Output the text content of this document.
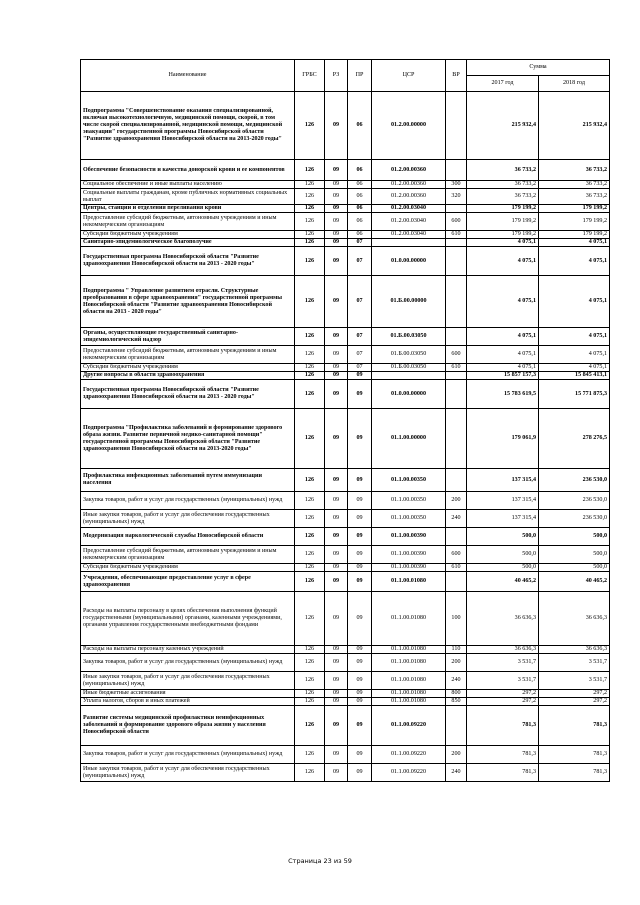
Наименование	ГРБС	РЗ	ПР	ЦСР	ВР	Сумма	
						2017 год	2018 год
Подпрограмма "Совершенствование оказания специализированной, включая высокотехнологичную, медицинской помощи, скорой, в том числе скорой специализированной, медицинской помощи, медицинской эвакуации" государственной программы Новосибирской области "Развитие здравоохранения Новосибирской области на 2013-2020 годы"	126	09	06	01.2.00.00000		215 932,4	215 932,4
Обеспечение безопасности и качества донорской крови и ее компонентов	126	09	06	01.2.00.00360		36 733,2	36 733,2
Социальное обеспечение и иные выплаты населению	126	09	06	01.2.00.00360	300	36 733,2	36 733,2
Социальные выплаты гражданам, кроме публичных нормативных социальных выплат	126	09	06	01.2.00.00360	320	36 733,2	36 733,2
Центры, станции и отделения переливания крови	126	09	06	01.2.00.03040		179 199,2	179 199,2
Предоставление субсидий бюджетным, автономным учреждениям и иным некоммерческим организациям	126	09	06	01.2.00.03040	600	179 199,2	179 199,2
Субсидии бюджетным учреждениям	126	09	06	01.2.00.03040	610	179 199,2	179 199,2
Санитарно-эпидемиологическое благополучие	126	09	07			4 075,1	4 075,1
Государственная программа Новосибирской области "Развитие здравоохранения Новосибирской области на 2013 - 2020 годы"	126	09	07	01.0.00.00000		4 075,1	4 075,1
Подпрограмма " Управление развитием отрасли. Структурные преобразования в сфере здравоохранения" государственной программы Новосибирской области "Развитие здравоохранения Новосибирской области на 2013 - 2020 годы"	126	09	07	01.Б.00.00000		4 075,1	4 075,1
Органы, осуществляющие государственный санитарно-эпидемиологический надзор	126	09	07	01.Б.00.03050		4 075,1	4 075,1
Предоставление субсидий бюджетным, автономным учреждениям и иным некоммерческим организациям	126	09	07	01.Б.00.03050	600	4 075,1	4 075,1
Субсидии бюджетным учреждениям	126	09	07	01.Б.00.03050	610	4 075,1	4 075,1
Другие вопросы в области здравоохранения	126	09	09			15 857 157,3	15 845 413,1
Государственная программа Новосибирской области "Развитие здравоохранения Новосибирской области на 2013 - 2020 годы"	126	09	09	01.0.00.00000		15 783 619,5	15 771 875,3
Подпрограмма "Профилактика заболеваний и формирование здорового образа жизни. Развитие первичной медико-санитарной помощи" государственной программы Новосибирской области "Развитие здравоохранения Новосибирской области на 2013-2020 годы"	126	09	09	01.1.00.00000		179 061,9	278 276,5
Профилактика инфекционных заболеваний путем иммунизации населения	126	09	09	01.1.00.00350		137 315,4	236 530,0
Закупка товаров, работ и услуг для государственных (муниципальных) нужд	126	09	09	01.1.00.00350	200	137 315,4	236 530,0
Иные закупки товаров, работ и услуг для обеспечения государственных (муниципальных) нужд	126	09	09	01.1.00.00350	240	137 315,4	236 530,0
Модернизация наркологической службы Новосибирской области	126	09	09	01.1.00.00390		500,0	500,0
Предоставление субсидий бюджетным, автономным учреждениям и иным некоммерческим организациям	126	09	09	01.1.00.00390	600	500,0	500,0
Субсидии бюджетным учреждениям	126	09	09	01.1.00.00390	610	500,0	500,0
Учреждения, обеспечивающие предоставление услуг в сфере здравоохранения	126	09	09	01.1.00.01080		40 465,2	40 465,2
Расходы на выплаты персоналу в целях обеспечения выполнения функций государственными (муниципальными) органами, казенными учреждениями, органами управления государственными внебюджетными фондами	126	09	09	01.1.00.01080	100	36 636,3	36 636,3
Расходы на выплаты персоналу казенных учреждений	126	09	09	01.1.00.01080	110	36 636,3	36 636,3
Закупка товаров, работ и услуг для государственных (муниципальных) нужд	126	09	09	01.1.00.01080	200	3 531,7	3 531,7
Иные закупки товаров, работ и услуг для обеспечения государственных (муниципальных) нужд	126	09	09	01.1.00.01080	240	3 531,7	3 531,7
Иные бюджетные ассигнования	126	09	09	01.1.00.01080	800	297,2	297,2
Уплата налогов, сборов и иных платежей	126	09	09	01.1.00.01080	850	297,2	297,2
Развитие системы медицинской профилактики неинфекционных заболеваний и формирование здорового образа жизни у населения Новосибирской области	126	09	09	01.1.00.09220		781,3	781,3
Закупка товаров, работ и услуг для государственных (муниципальных) нужд	126	09	09	01.1.00.09220	200	781,3	781,3
Иные закупки товаров, работ и услуг для обеспечения государственных (муниципальных) нужд	126	09	09	01.1.00.09220	240	781,3	781,3
Страница 23 из 59
